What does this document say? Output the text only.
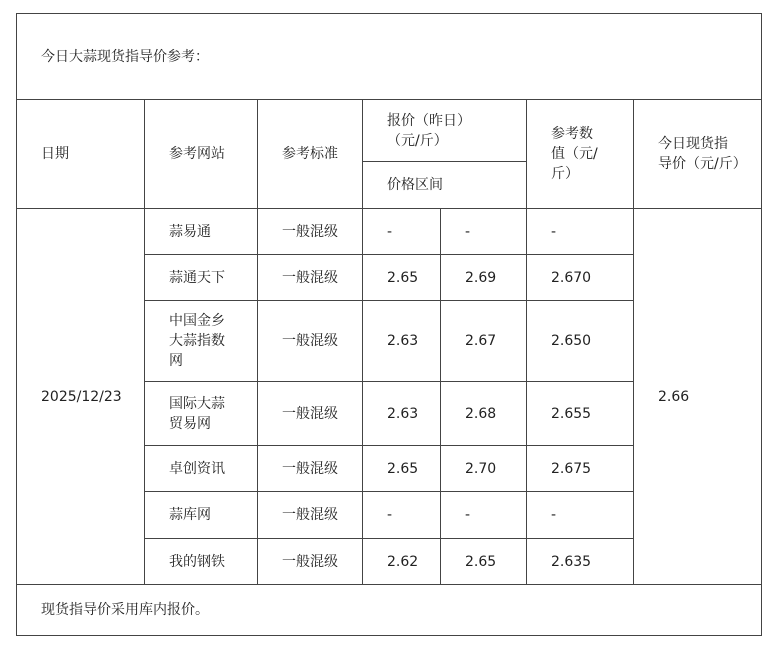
今日大蒜现货指导价参考：						
日期	参考网站	参考标准	报价（昨日）（元/斤）		参考数值（元/斤）	今日现货指导价（元/斤）
			价格区间			
2025/12/23	蒜易通	一般混级	-	-	-	2.66
	蒜通天下	一般混级	2.65	2.69	2.670	
	中国金乡大蒜指数网	一般混级	2.63	2.67	2.650	
	国际大蒜贸易网	一般混级	2.63	2.68	2.655	
	卓创资讯	一般混级	2.65	2.70	2.675	
	蒜库网	一般混级	-	-	-	
	我的钢铁	一般混级	2.62	2.65	2.635	
现货指导价采用库内报价。						
